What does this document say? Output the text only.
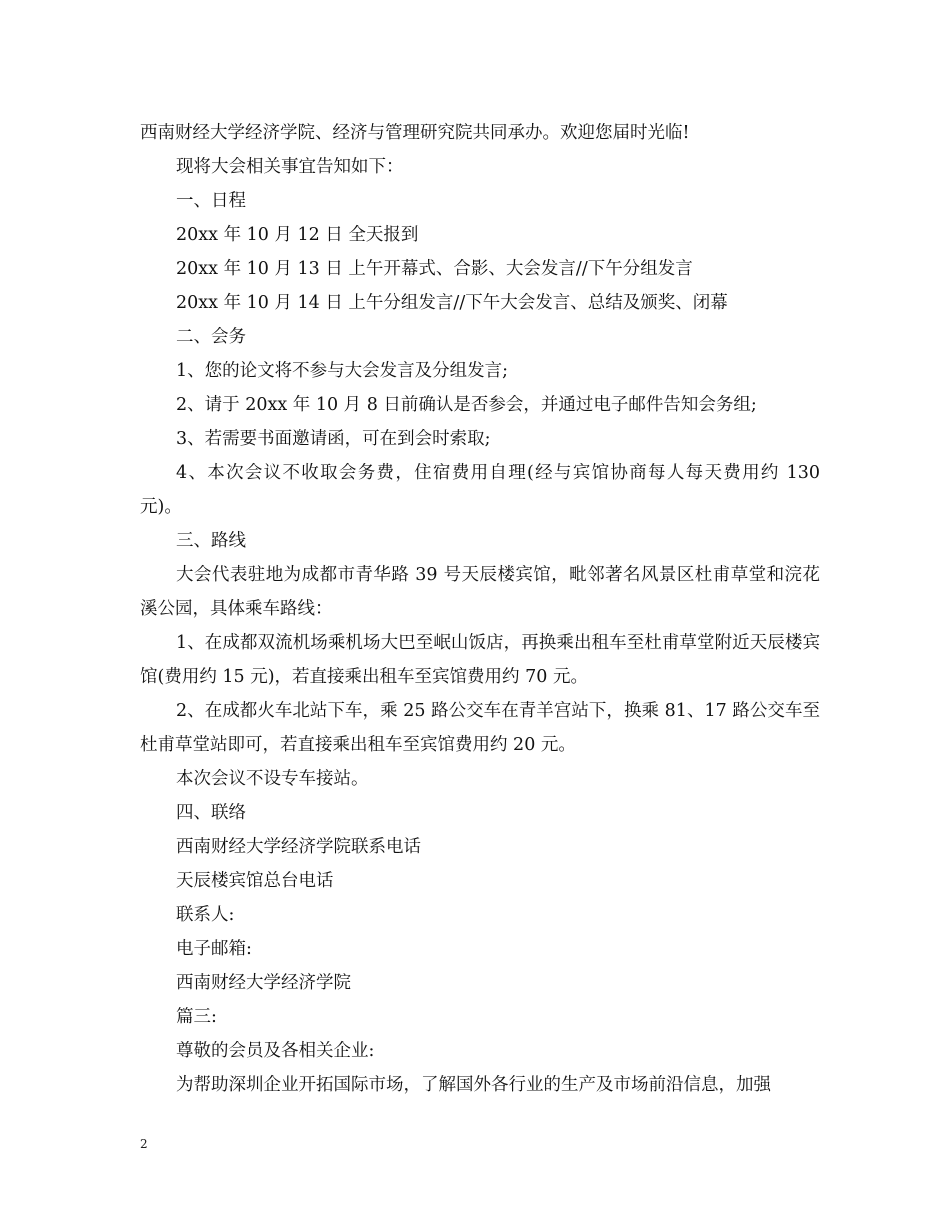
西南财经大学经济学院、经济与管理研究院共同承办。欢迎您届时光临!
现将大会相关事宜告知如下：
一、日程
20xx 年 10 月 12 日 全天报到
20xx 年 10 月 13 日 上午开幕式、合影、大会发言//下午分组发言
20xx 年 10 月 14 日 上午分组发言//下午大会发言、总结及颁奖、闭幕
二、会务
1、您的论文将不参与大会发言及分组发言;
2、请于 20xx 年 10 月 8 日前确认是否参会，并通过电子邮件告知会务组;
3、若需要书面邀请函，可在到会时索取;
4、本次会议不收取会务费，住宿费用自理(经与宾馆协商每人每天费用约 130 元)。
三、路线
大会代表驻地为成都市青华路 39 号天辰楼宾馆，毗邻著名风景区杜甫草堂和浣花溪公园，具体乘车路线：
1、在成都双流机场乘机场大巴至岷山饭店，再换乘出租车至杜甫草堂附近天辰楼宾馆(费用约 15 元)，若直接乘出租车至宾馆费用约 70 元。
2、在成都火车北站下车，乘 25 路公交车在青羊宫站下，换乘 81、17 路公交车至杜甫草堂站即可，若直接乘出租车至宾馆费用约 20 元。
本次会议不设专车接站。
四、联络
西南财经大学经济学院联系电话
天辰楼宾馆总台电话
联系人:
电子邮箱:
西南财经大学经济学院
篇三:
尊敬的会员及各相关企业:
为帮助深圳企业开拓国际市场，了解国外各行业的生产及市场前沿信息，加强
2
